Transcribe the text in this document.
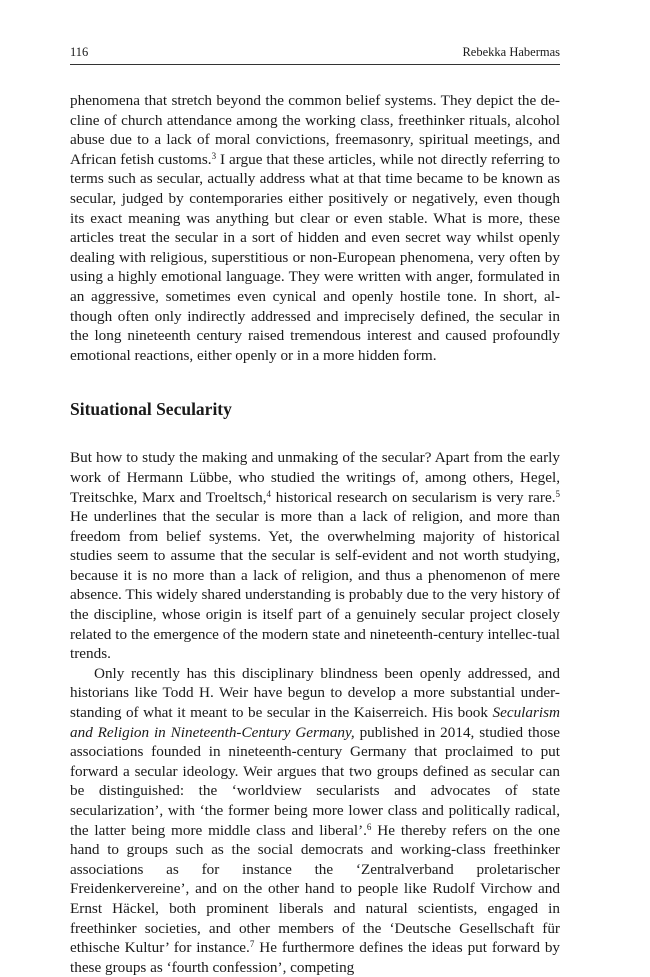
116	Rebekka Habermas

phenomena that stretch beyond the common belief systems. They depict the de-cline of church attendance among the working class, freethinker rituals, alcohol abuse due to a lack of moral convictions, freemasonry, spiritual meetings, and African fetish customs.$^3$ I argue that these articles, while not directly referring to terms such as secular, actually address what at that time became to be known as secular, judged by contemporaries either positively or negatively, even though its exact meaning was anything but clear or even stable. What is more, these articles treat the secular in a sort of hidden and even secret way whilst openly dealing with religious, superstitious or non-European phenomena, very often by using a highly emotional language. They were written with anger, formulated in an aggressive, sometimes even cynical and openly hostile tone. In short, al-though often only indirectly addressed and imprecisely defined, the secular in the long nineteenth century raised tremendous interest and caused profoundly emotional reactions, either openly or in a more hidden form.

Situational Secularity

But how to study the making and unmaking of the secular? Apart from the early work of Hermann Lübbe, who studied the writings of, among others, Hegel, Treitschke, Marx and Troeltsch,$^4$ historical research on secularism is very rare.$^5$ He underlines that the secular is more than a lack of religion, and more than freedom from belief systems. Yet, the overwhelming majority of historical studies seem to assume that the secular is self-evident and not worth studying, because it is no more than a lack of religion, and thus a phenomenon of mere absence. This widely shared understanding is probably due to the very history of the discipline, whose origin is itself part of a genuinely secular project closely related to the emergence of the modern state and nineteenth-century intellec-tual trends.

Only recently has this disciplinary blindness been openly addressed, and historians like Todd H. Weir have begun to develop a more substantial under-standing of what it meant to be secular in the Kaiserreich. His book Secularism and Religion in Nineteenth-Century Germany, published in 2014, studied those associations founded in nineteenth-century Germany that proclaimed to put forward a secular ideology. Weir argues that two groups defined as secular can be distinguished: the ‘worldview secularists and advocates of state secularization’, with ‘the former being more lower class and politically radical, the latter being more middle class and liberal’.$^6$ He thereby refers on the one hand to groups such as the social democrats and working-class freethinker associations as for instance the ‘Zentralverband proletarischer Freidenkervereine’, and on the other hand to people like Rudolf Virchow and Ernst Häckel, both prominent liberals and natural scientists, engaged in freethinker societies, and other members of the ‘Deutsche Gesellschaft für ethische Kultur’ for instance.$^7$ He furthermore defines the ideas put forward by these groups as ‘fourth confession’, competing
